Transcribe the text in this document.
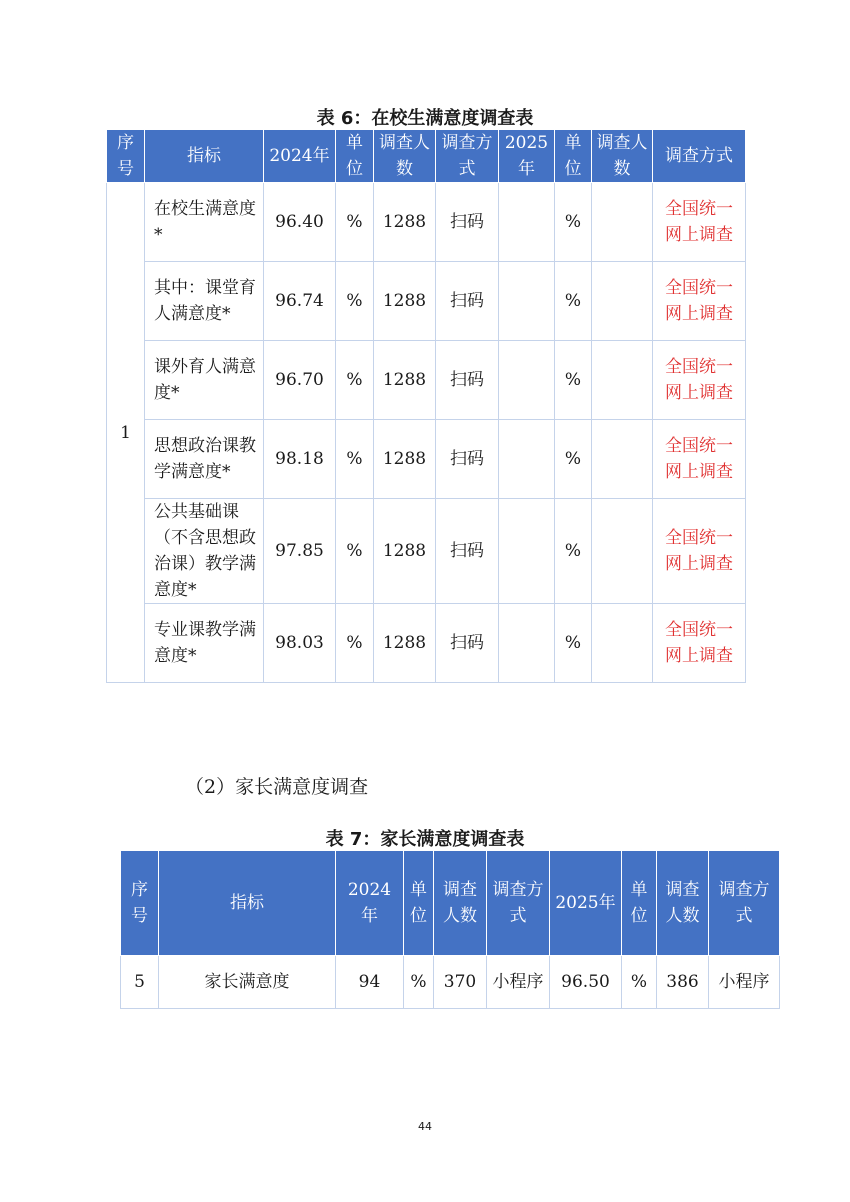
表 6：在校生满意度调查表
序号	指标	2024年	单位	调查人数	调查方式	2025年	单位	调查人数	调查方式
1	在校生满意度*	96.40	%	1288	扫码		%		全国统一网上调查
	其中：课堂育人满意度*	96.74	%	1288	扫码		%		全国统一网上调查
	课外育人满意度*	96.70	%	1288	扫码		%		全国统一网上调查
	思想政治课教学满意度*	98.18	%	1288	扫码		%		全国统一网上调查
	公共基础课（不含思想政治课）教学满意度*	97.85	%	1288	扫码		%		全国统一网上调查
	专业课教学满意度*	98.03	%	1288	扫码		%		全国统一网上调查
（2）家长满意度调查
表 7：家长满意度调查表
序号	指标	2024年	单位	调查人数	调查方式	2025年	单位	调查人数	调查方式
5	家长满意度	94	%	370	小程序	96.50	%	386	小程序
44
